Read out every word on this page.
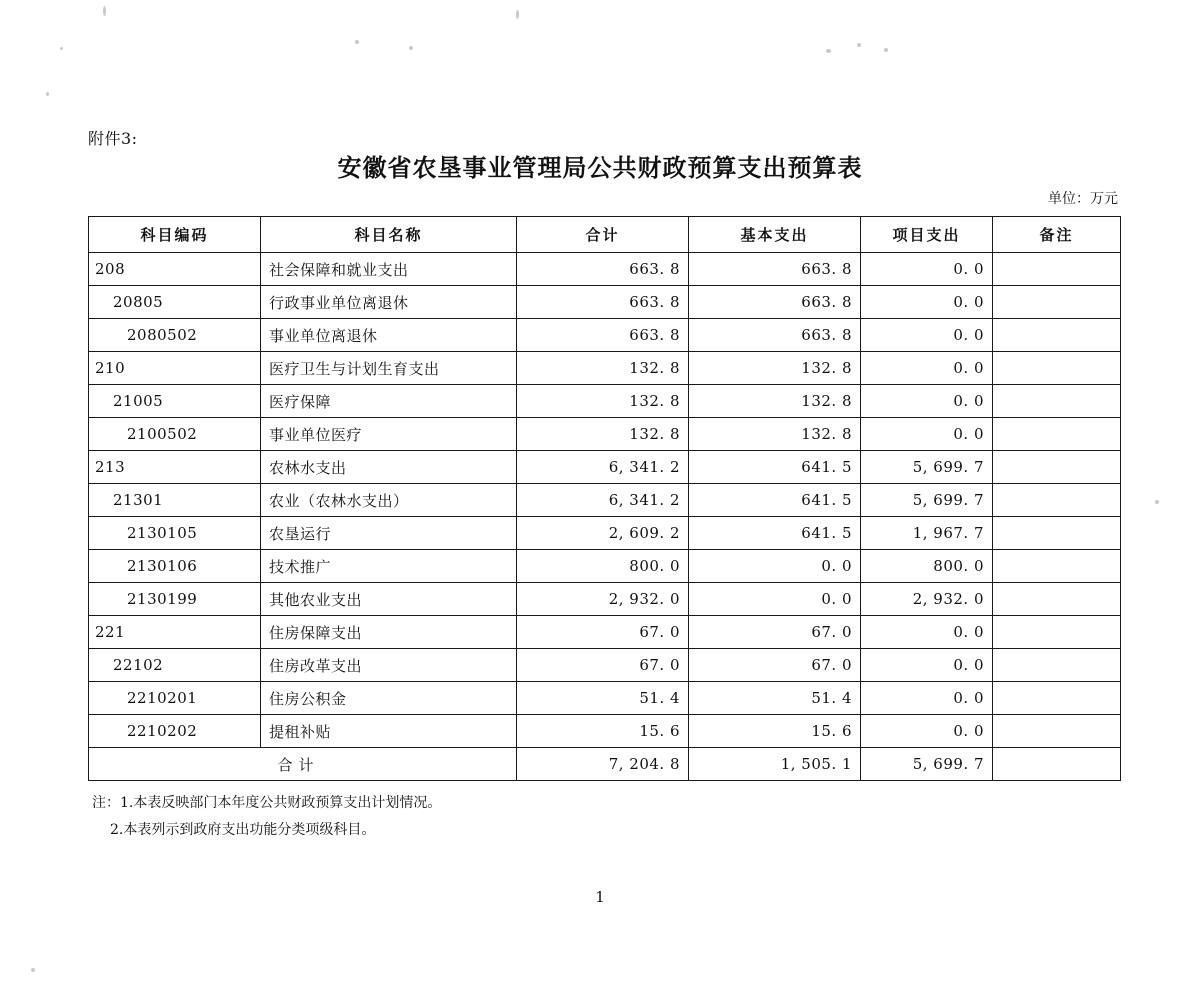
附件3:
安徽省农垦事业管理局公共财政预算支出预算表
单位：万元
科目编码	科目名称	合计	基本支出	项目支出	备注
208	社会保障和就业支出	663. 8	663. 8	0. 0	
20805	行政事业单位离退休	663. 8	663. 8	0. 0	
2080502	事业单位离退休	663. 8	663. 8	0. 0	
210	医疗卫生与计划生育支出	132. 8	132. 8	0. 0	
21005	医疗保障	132. 8	132. 8	0. 0	
2100502	事业单位医疗	132. 8	132. 8	0. 0	
213	农林水支出	6, 341. 2	641. 5	5, 699. 7	
21301	农业（农林水支出）	6, 341. 2	641. 5	5, 699. 7	
2130105	农垦运行	2, 609. 2	641. 5	1, 967. 7	
2130106	技术推广	800. 0	0. 0	800. 0	
2130199	其他农业支出	2, 932. 0	0. 0	2, 932. 0	
221	住房保障支出	67. 0	67. 0	0. 0	
22102	住房改革支出	67. 0	67. 0	0. 0	
2210201	住房公积金	51. 4	51. 4	0. 0	
2210202	提租补贴	15. 6	15. 6	0. 0	
合计		7, 204. 8	1, 505. 1	5, 699. 7	
注：1.本表反映部门本年度公共财政预算支出计划情况。
2.本表列示到政府支出功能分类项级科目。
1
